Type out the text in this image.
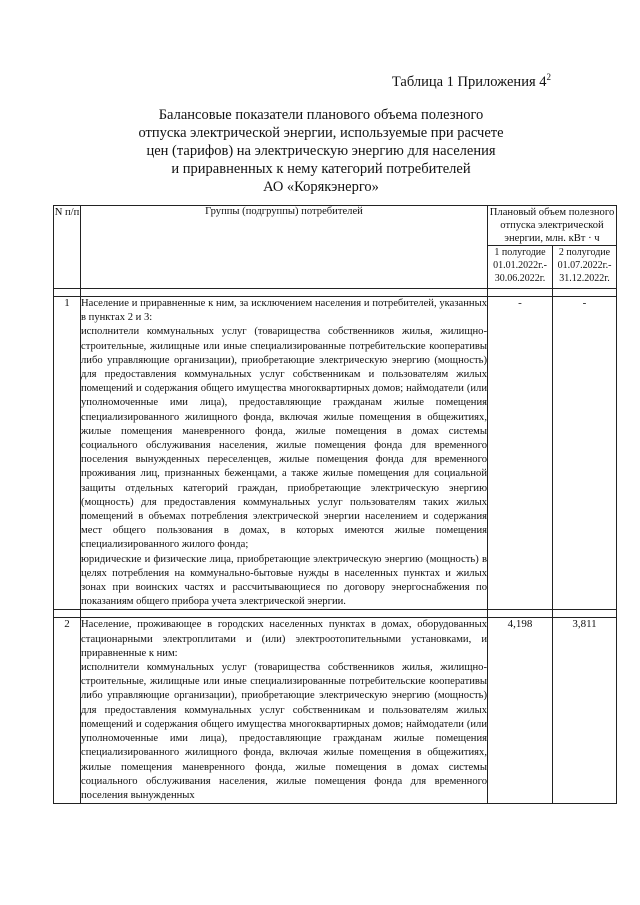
Таблица 1 Приложения $4^2$
Балансовые показатели планового объема полезного
отпуска электрической энергии, используемые при расчете
цен (тарифов) на электрическую энергию для населения
и приравненных к нему категорий потребителей
АО «Корякэнерго»
N п/п	Группы (подгруппы) потребителей	Плановый объем полезного отпуска электрической энергии, млн. кВт · ч	
		1 полугодие 01.01.2022г.- 30.06.2022г.	2 полугодие 01.07.2022г.- 31.12.2022г.

1	Население и приравненные к ним, за исключением населения и потребителей, указанных в пунктах 2 и 3:

исполнители коммунальных услуг (товарищества собственников жилья, жилищно-строительные, жилищные или иные специализированные потребительские кооперативы либо управляющие организации), приобретающие электрическую энергию (мощность) для предоставления коммунальных услуг собственникам и пользователям жилых помещений и содержания общего имущества многоквартирных домов; наймодатели (или уполномоченные ими лица), предоставляющие гражданам жилые помещения специализированного жилищного фонда, включая жилые помещения в общежитиях, жилые помещения маневренного фонда, жилые помещения в домах системы социального обслуживания населения, жилые помещения фонда для временного поселения вынужденных переселенцев, жилые помещения фонда для временного проживания лиц, признанных беженцами, а также жилые помещения для социальной защиты отдельных категорий граждан, приобретающие электрическую энергию (мощность) для предоставления коммунальных услуг пользователям таких жилых помещений в объемах потребления электрической энергии населением и содержания мест общего пользования в домах, в которых имеются жилые помещения специализированного жилого фонда;

юридические и физические лица, приобретающие электрическую энергию (мощность) в целях потребления на коммунально-бытовые нужды в населенных пунктах и жилых зонах при воинских частях и рассчитывающиеся по договору энергоснабжения по показаниям общего прибора учета электрической энергии.	-	-

2	Население, проживающее в городских населенных пунктах в домах, оборудованных стационарными электроплитами и (или) электроотопительными установками, и приравненные к ним:

исполнители коммунальных услуг (товарищества собственников жилья, жилищно-строительные, жилищные или иные специализированные потребительские кооперативы либо управляющие организации), приобретающие электрическую энергию (мощность) для предоставления коммунальных услуг собственникам и пользователям жилых помещений и содержания общего имущества многоквартирных домов; наймодатели (или уполномоченные ими лица), предоставляющие гражданам жилые помещения специализированного жилищного фонда, включая жилые помещения в общежитиях, жилые помещения маневренного фонда, жилые помещения в домах системы социального обслуживания населения, жилые помещения фонда для временного поселения вынужденных	4,198	3,811
